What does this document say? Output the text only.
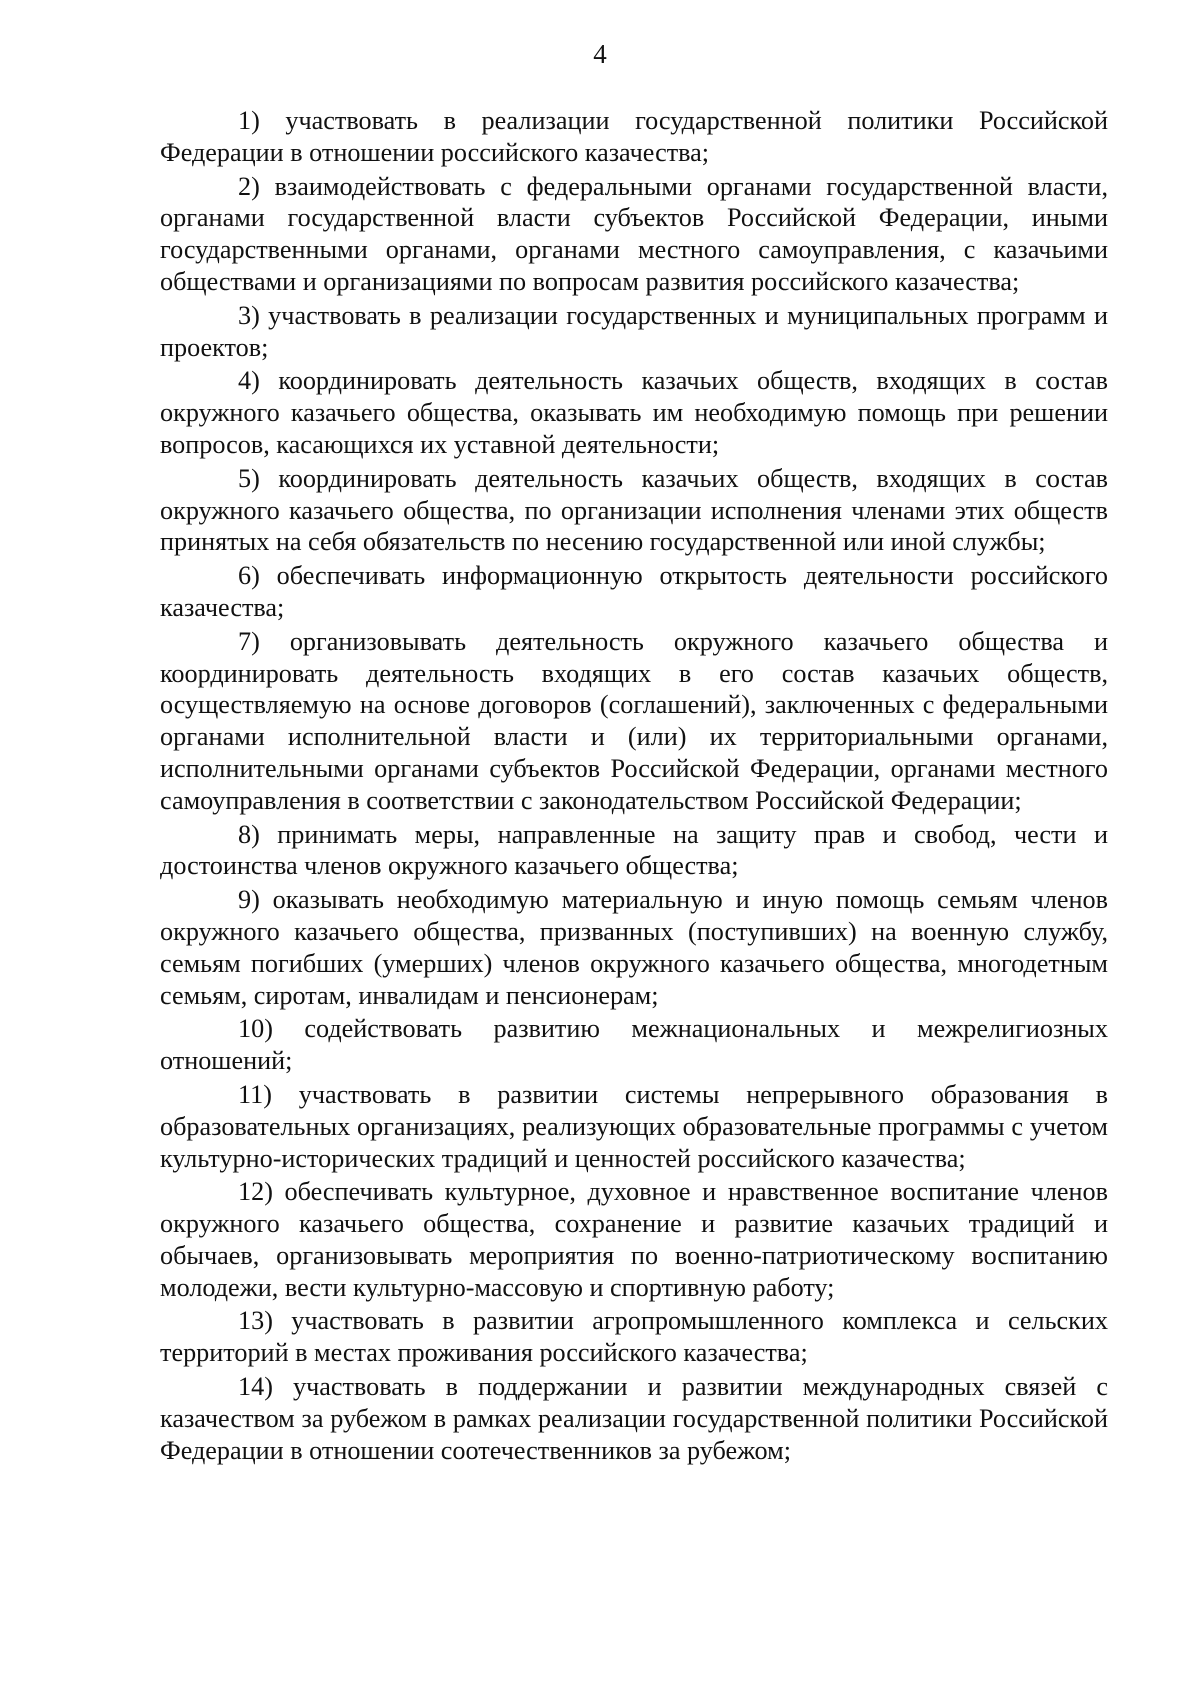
4

1) участвовать в реализации государственной политики Российской Федерации в отношении российского казачества;

2) взаимодействовать с федеральными органами государственной власти, органами государственной власти субъектов Российской Федерации, иными государственными органами, органами местного самоуправления, с казачьими обществами и организациями по вопросам развития российского казачества;

3) участвовать в реализации государственных и муниципальных программ и проектов;

4) координировать деятельность казачьих обществ, входящих в состав окружного казачьего общества, оказывать им необходимую помощь при решении вопросов, касающихся их уставной деятельности;

5) координировать деятельность казачьих обществ, входящих в состав окружного казачьего общества, по организации исполнения членами этих обществ принятых на себя обязательств по несению государственной или иной службы;

6) обеспечивать информационную открытость деятельности российского казачества;

7) организовывать деятельность окружного казачьего общества и координировать деятельность входящих в его состав казачьих обществ, осуществляемую на основе договоров (соглашений), заключенных с федеральными органами исполнительной власти и (или) их территориальными органами, исполнительными органами субъектов Российской Федерации, органами местного самоуправления в соответствии с законодательством Российской Федерации;

8) принимать меры, направленные на защиту прав и свобод, чести и достоинства членов окружного казачьего общества;

9) оказывать необходимую материальную и иную помощь семьям членов окружного казачьего общества, призванных (поступивших) на военную службу, семьям погибших (умерших) членов окружного казачьего общества, многодетным семьям, сиротам, инвалидам и пенсионерам;

10) содействовать развитию межнациональных и межрелигиозных отношений;

11) участвовать в развитии системы непрерывного образования в образовательных организациях, реализующих образовательные программы с учетом культурно-исторических традиций и ценностей российского казачества;

12) обеспечивать культурное, духовное и нравственное воспитание членов окружного казачьего общества, сохранение и развитие казачьих традиций и обычаев, организовывать мероприятия по военно-патриотическому воспитанию молодежи, вести культурно-массовую и спортивную работу;

13) участвовать в развитии агропромышленного комплекса и сельских территорий в местах проживания российского казачества;

14) участвовать в поддержании и развитии международных связей с казачеством за рубежом в рамках реализации государственной политики Российской Федерации в отношении соотечественников за рубежом;
